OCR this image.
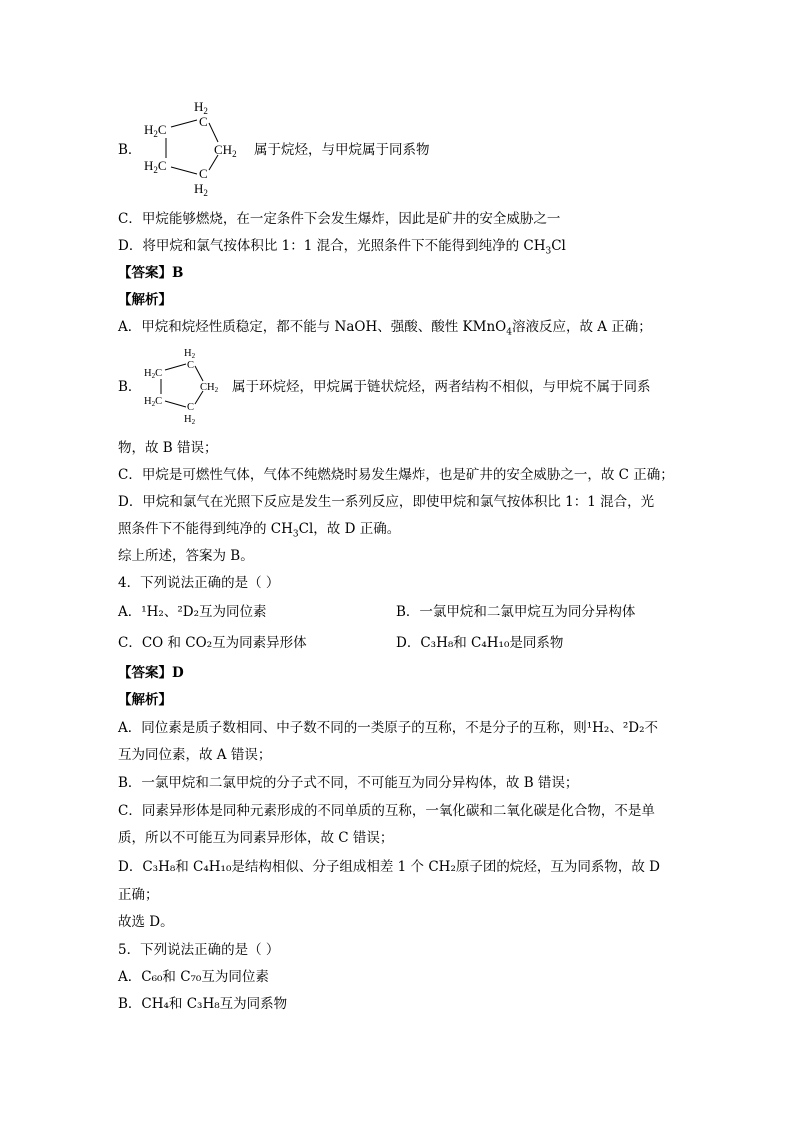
B．
$H_2$
C
$H_2C$
$CH_2$
$H_2C$
C
$H_2$
属于烷烃，与甲烷属于同系物
C．甲烷能够燃烧，在一定条件下会发生爆炸，因此是矿井的安全威胁之一
D．将甲烷和氯气按体积比 1：1 混合，光照条件下不能得到纯净的 $CH_3Cl$
【答案】B
【解析】
A．甲烷和烷烃性质稳定，都不能与 NaOH、强酸、酸性 KMnO$_4$溶液反应，故 A 正确；
B．
H2
C
H2C
CH2
H2C
C
H2
属于环烷烃，甲烷属于链状烷烃，两者结构不相似，与甲烷不属于同系
物，故 B 错误；
C．甲烷是可燃性气体，气体不纯燃烧时易发生爆炸，也是矿井的安全威胁之一，故 C 正确；
D．甲烷和氯气在光照下反应是发生一系列反应，即使甲烷和氯气按体积比 1：1 混合，光
照条件下不能得到纯净的 $CH_3Cl$，故 D 正确。
综上所述，答案为 B。
4．下列说法正确的是（ ）
A．¹H₂、²D₂互为同位素	B．一氯甲烷和二氯甲烷互为同分异构体
C．CO 和 CO₂互为同素异形体	D．C₃H₈和 C₄H₁₀是同系物
【答案】D
【解析】
A．同位素是质子数相同、中子数不同的一类原子的互称，不是分子的互称，则¹H₂、²D₂不
互为同位素，故 A 错误；
B．一氯甲烷和二氯甲烷的分子式不同，不可能互为同分异构体，故 B 错误；
C．同素异形体是同种元素形成的不同单质的互称，一氧化碳和二氧化碳是化合物，不是单
质，所以不可能互为同素异形体，故 C 错误；
D．C₃H₈和 C₄H₁₀是结构相似、分子组成相差 1 个 CH₂原子团的烷烃，互为同系物，故 D
正确；
故选 D。
5．下列说法正确的是（ ）
A．C₆₀和 C₇₀互为同位素
B．CH₄和 C₃H₈互为同系物
